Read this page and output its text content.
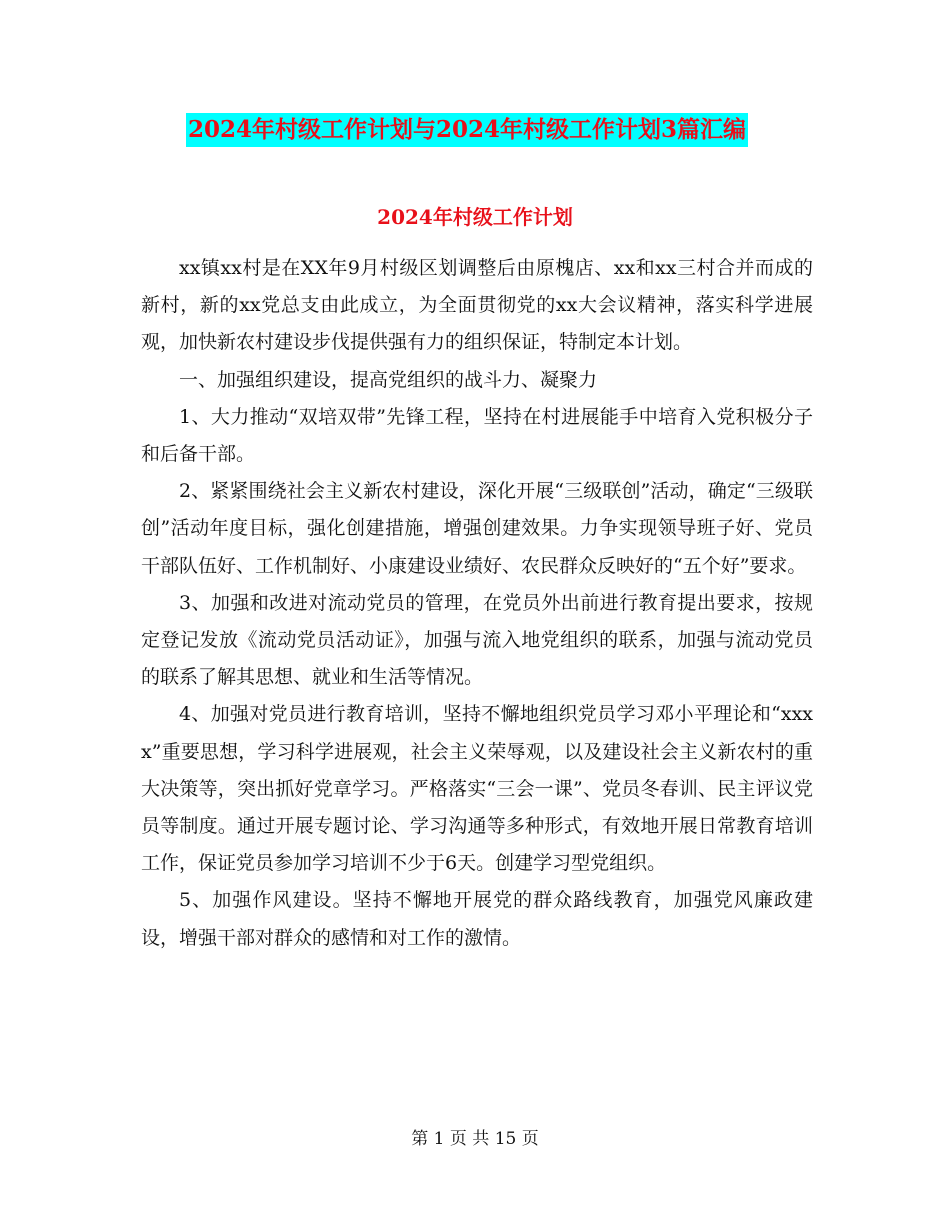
2024年村级工作计划与2024年村级工作计划3篇汇编
2024年村级工作计划

xx镇xx村是在XX年9月村级区划调整后由原槐店、xx和xx三村合并而成的新村，新的xx党总支由此成立，为全面贯彻党的xx大会议精神，落实科学进展观，加快新农村建设步伐提供强有力的组织保证，特制定本计划。

一、加强组织建设，提高党组织的战斗力、凝聚力

1、大力推动“双培双带”先锋工程，坚持在村进展能手中培育入党积极分子和后备干部。

2、紧紧围绕社会主义新农村建设，深化开展“三级联创”活动，确定“三级联创”活动年度目标，强化创建措施，增强创建效果。力争实现领导班子好、党员干部队伍好、工作机制好、小康建设业绩好、农民群众反映好的“五个好”要求。

3、加强和改进对流动党员的管理，在党员外出前进行教育提出要求，按规定登记发放《流动党员活动证》，加强与流入地党组织的联系，加强与流动党员的联系了解其思想、就业和生活等情况。

4、加强对党员进行教育培训，坚持不懈地组织党员学习邓小平理论和“xxxx”重要思想，学习科学进展观，社会主义荣辱观，以及建设社会主义新农村的重大决策等，突出抓好党章学习。严格落实“三会一课”、党员冬春训、民主评议党员等制度。通过开展专题讨论、学习沟通等多种形式，有效地开展日常教育培训工作，保证党员参加学习培训不少于6天。创建学习型党组织。

5、加强作风建设。坚持不懈地开展党的群众路线教育，加强党风廉政建设，增强干部对群众的感情和对工作的激情。

第 1 页 共 15 页
